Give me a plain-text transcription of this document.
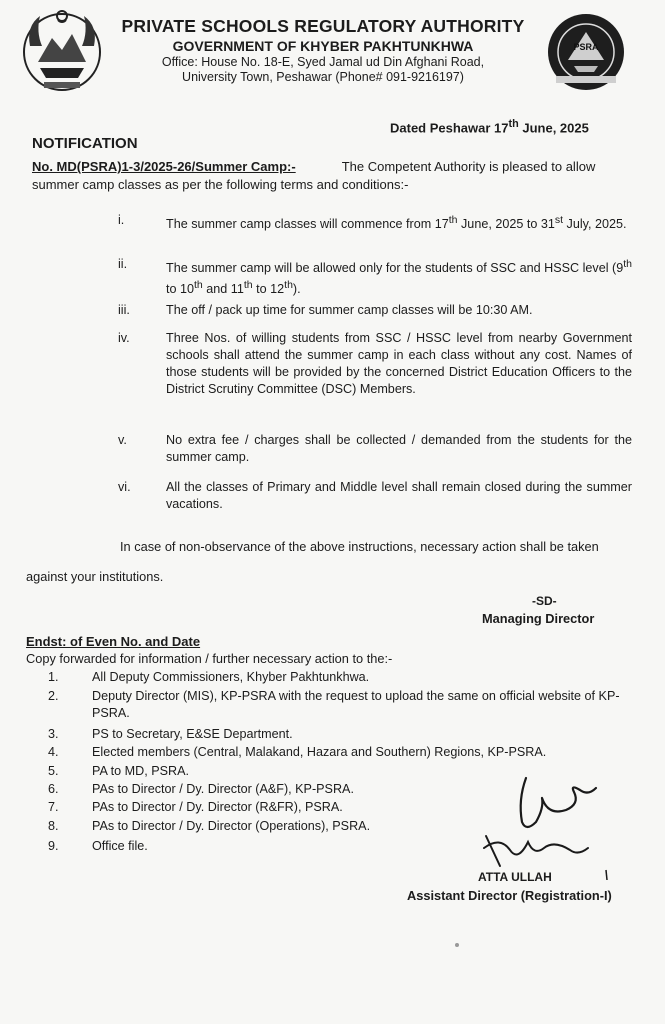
PRIVATE SCHOOLS REGULATORY AUTHORITY
GOVERNMENT OF KHYBER PAKHTUNKHWA
Office: House No. 18-E, Syed Jamal ud Din Afghani Road,
University Town, Peshawar (Phone# 091-9216197)
PSRA
Dated Peshawar 17th June, 2025
NOTIFICATION
No. MD(PSRA)1-3/2025-26/Summer Camp:-	The Competent Authority is pleased to allow
summer camp classes as per the following terms and conditions:-
i.	The summer camp classes will commence from 17th June, 2025 to 31st July, 2025.
ii.	The summer camp will be allowed only for the students of SSC and HSSC level (9th to 10th and 11th to 12th).
iii.	The off / pack up time for summer camp classes will be 10:30 AM.
iv.	Three Nos. of willing students from SSC / HSSC level from nearby Government schools shall attend the summer camp in each class without any cost. Names of those students will be provided by the concerned District Education Officers to the District Scrutiny Committee (DSC) Members.
v.	No extra fee / charges shall be collected / demanded from the students for the summer camp.
vi.	All the classes of Primary and Middle level shall remain closed during the summer vacations.
In case of non-observance of the above instructions, necessary action shall be taken
against your institutions.
-SD-
Managing Director
Endst: of Even No. and Date
Copy forwarded for information / further necessary action to the:-
1.	All Deputy Commissioners, Khyber Pakhtunkhwa.
2.	Deputy Director (MIS), KP-PSRA with the request to upload the same on official website of KP-PSRA.
3.	PS to Secretary, E&SE Department.
4.	Elected members (Central, Malakand, Hazara and Southern) Regions, KP-PSRA.
5.	PA to MD, PSRA.
6.	PAs to Director / Dy. Director (A&F), KP-PSRA.
7.	PAs to Director / Dy. Director (R&FR), PSRA.
8.	PAs to Director / Dy. Director (Operations), PSRA.
9.	Office file.
ATTA ULLAH
Assistant Director (Registration-I)
